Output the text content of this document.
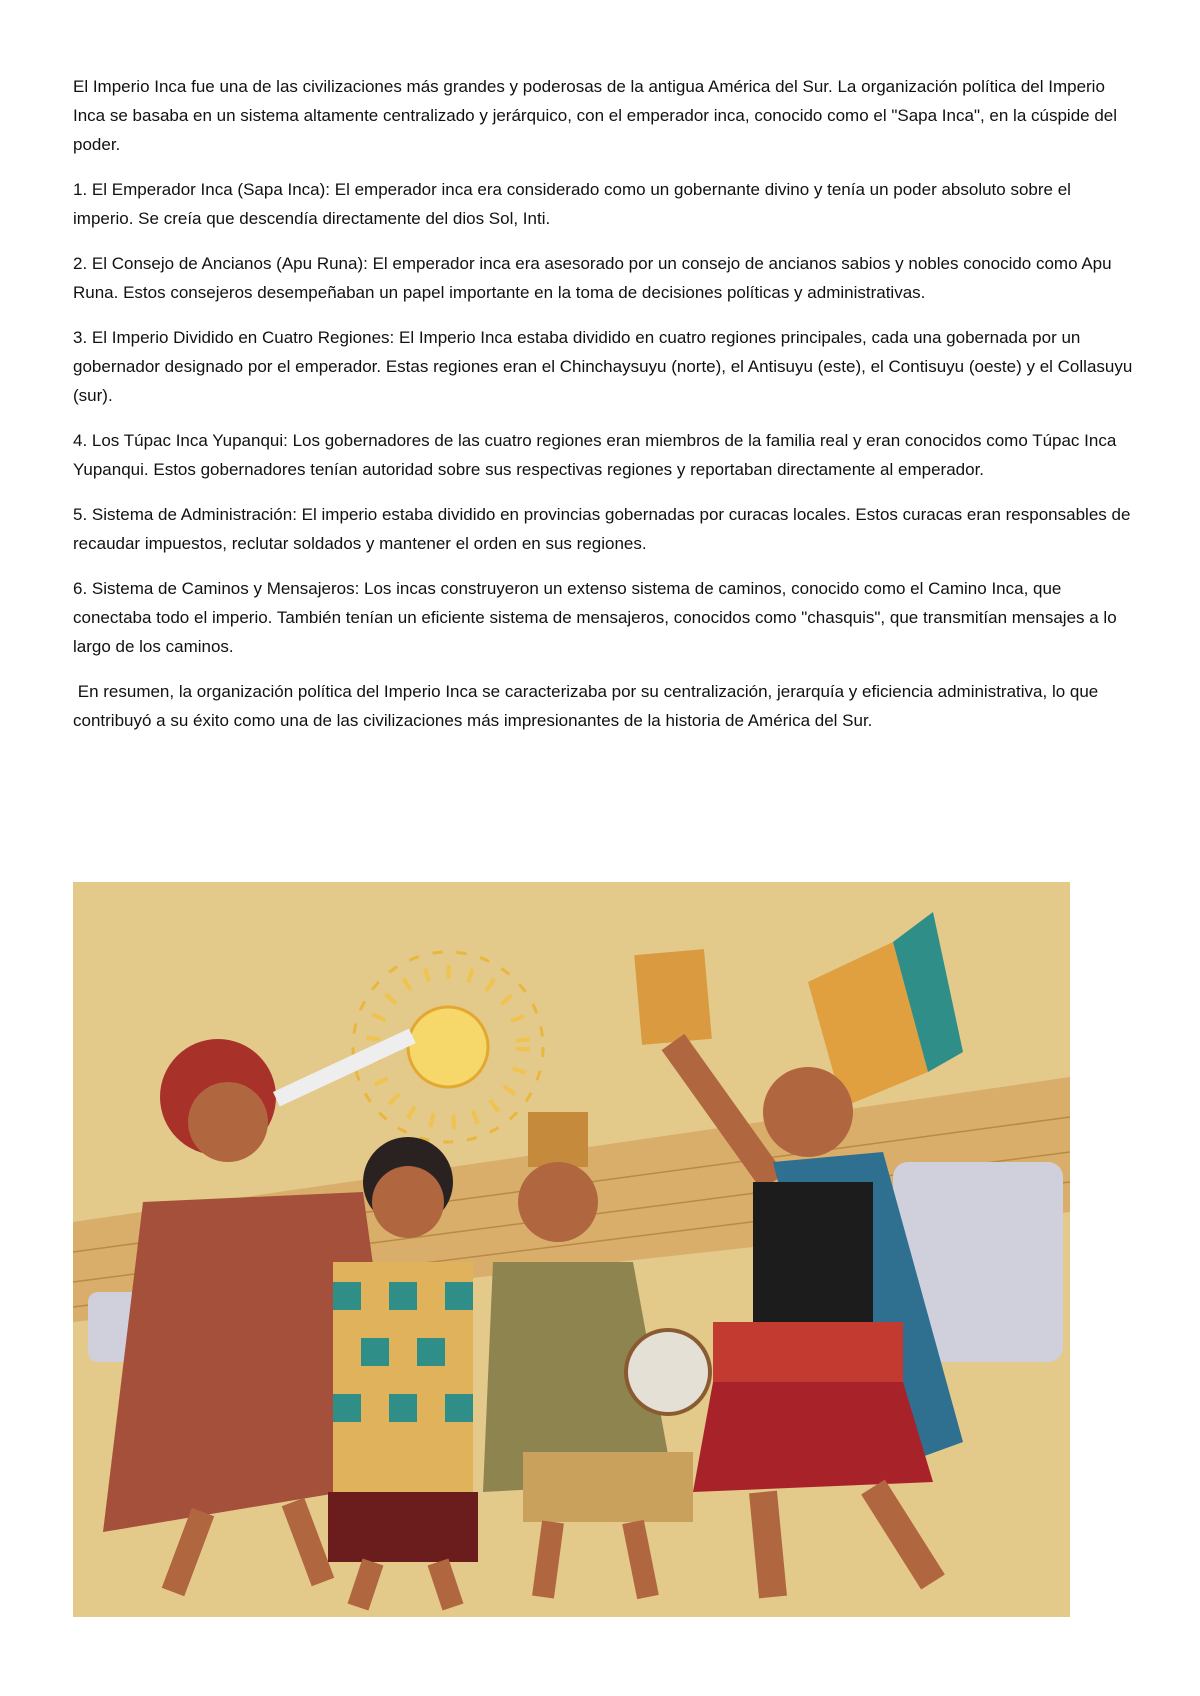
El Imperio Inca fue una de las civilizaciones más grandes y poderosas de la antigua América del Sur. La organización política del Imperio Inca se basaba en un sistema altamente centralizado y jerárquico, con el emperador inca, conocido como el "Sapa Inca", en la cúspide del poder.

1. El Emperador Inca (Sapa Inca): El emperador inca era considerado como un gobernante divino y tenía un poder absoluto sobre el imperio. Se creía que descendía directamente del dios Sol, Inti.

2. El Consejo de Ancianos (Apu Runa): El emperador inca era asesorado por un consejo de ancianos sabios y nobles conocido como Apu Runa. Estos consejeros desempeñaban un papel importante en la toma de decisiones políticas y administrativas.

3. El Imperio Dividido en Cuatro Regiones: El Imperio Inca estaba dividido en cuatro regiones principales, cada una gobernada por un gobernador designado por el emperador. Estas regiones eran el Chinchaysuyu (norte), el Antisuyu (este), el Contisuyu (oeste) y el Collasuyu (sur).

4. Los Túpac Inca Yupanqui: Los gobernadores de las cuatro regiones eran miembros de la familia real y eran conocidos como Túpac Inca Yupanqui. Estos gobernadores tenían autoridad sobre sus respectivas regiones y reportaban directamente al emperador.

5. Sistema de Administración: El imperio estaba dividido en provincias gobernadas por curacas locales. Estos curacas eran responsables de recaudar impuestos, reclutar soldados y mantener el orden en sus regiones.

6. Sistema de Caminos y Mensajeros: Los incas construyeron un extenso sistema de caminos, conocido como el Camino Inca, que conectaba todo el imperio. También tenían un eficiente sistema de mensajeros, conocidos como "chasquis", que transmitían mensajes a lo largo de los caminos.

En resumen, la organización política del Imperio Inca se caracterizaba por su centralización, jerarquía y eficiencia administrativa, lo que contribuyó a su éxito como una de las civilizaciones más impresionantes de la historia de América del Sur.
